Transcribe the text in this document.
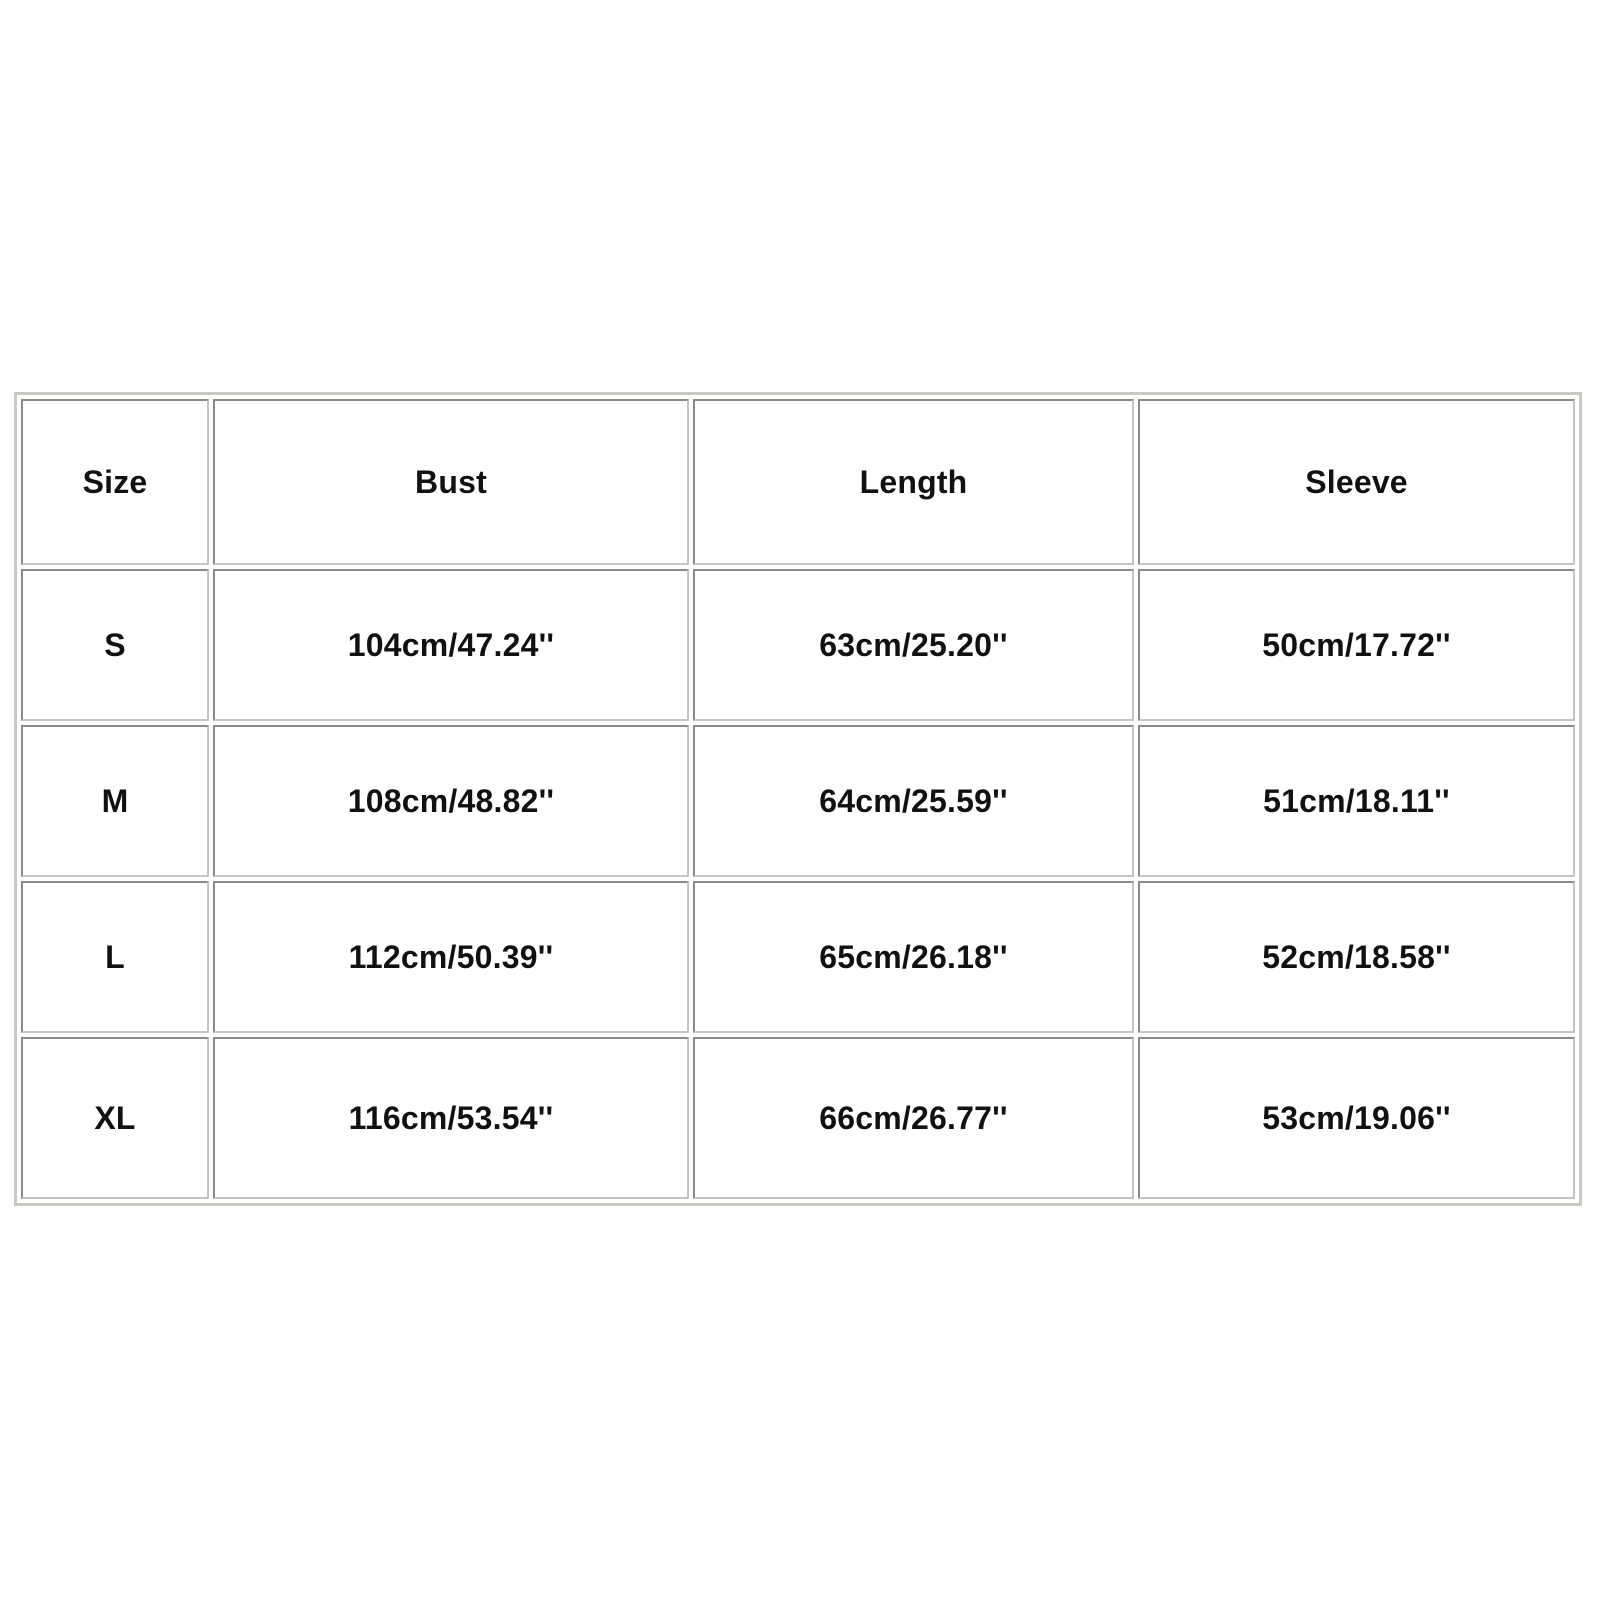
Size	Bust	Length	Sleeve
S	104cm/47.24''	63cm/25.20''	50cm/17.72''
M	108cm/48.82''	64cm/25.59''	51cm/18.11''
L	112cm/50.39''	65cm/26.18''	52cm/18.58''
XL	116cm/53.54''	66cm/26.77''	53cm/19.06''
